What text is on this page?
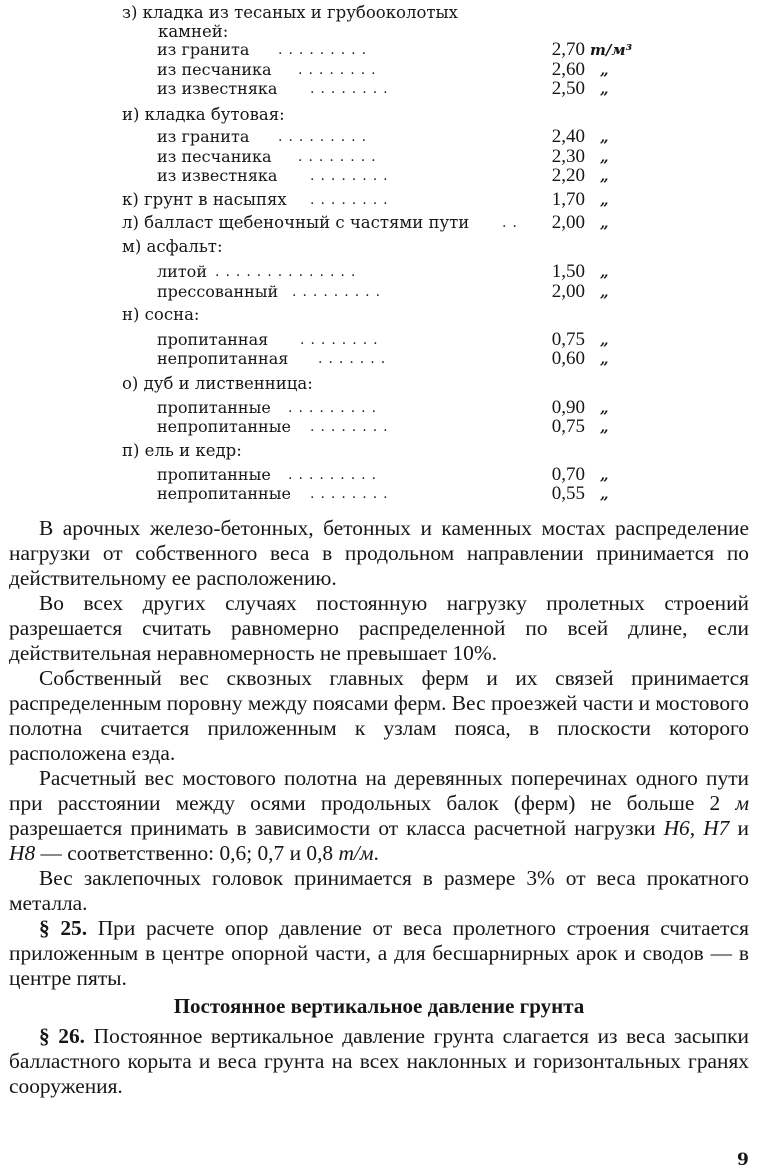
з) кладка из тесаных и грубооколотых
камней:
из гранита .........	2,70 т/м³
из песчаника ........	2,60 „
из известняка ........	2,50 „
и) кладка бутовая:
из гранита .........	2,40 „
из песчаника ........	2,30 „
из известняка ........	2,20 „
к) грунт в насыпях ........	1,70 „
л) балласт щебеночный с частями пути ..	2,00 „
м) асфальт:
литой ..............	1,50 „
прессованный .........	2,00 „
н) сосна:
пропитанная ........	0,75 „
непропитанная .......	0,60 „
о) дуб и лиственница:
пропитанные .........	0,90 „
непропитанные ........	0,75 „
п) ель и кедр:
пропитанные .........	0,70 „
непропитанные ........	0,55 „

В арочных железо-бетонных, бетонных и каменных мостах распределение нагрузки от собственного веса в продольном направлении принимается по действительному ее расположению.

Во всех других случаях постоянную нагрузку пролетных строений разрешается считать равномерно распределенной по всей длине, если действительная неравномерность не превышает 10%.

Собственный вес сквозных главных ферм и их связей принимается распределенным поровну между поясами ферм. Вес проезжей части и мостового полотна считается приложенным к узлам пояса, в плоскости которого расположена езда.

Расчетный вес мостового полотна на деревянных поперечинах одного пути при расстоянии между осями продольных балок (ферм) не больше 2 м разрешается принимать в зависимости от класса расчетной нагрузки Н6, Н7 и Н8 — соответственно: 0,6; 0,7 и 0,8 т/м.

Вес заклепочных головок принимается в размере 3% от веса прокатного металла.

§ 25. При расчете опор давление от веса пролетного строения считается приложенным в центре опорной части, а для бесшарнирных арок и сводов — в центре пяты.

Постоянное вертикальное давление грунта

§ 26. Постоянное вертикальное давление грунта слагается из веса засыпки балластного корыта и веса грунта на всех наклонных и горизонтальных гранях сооружения.

9
